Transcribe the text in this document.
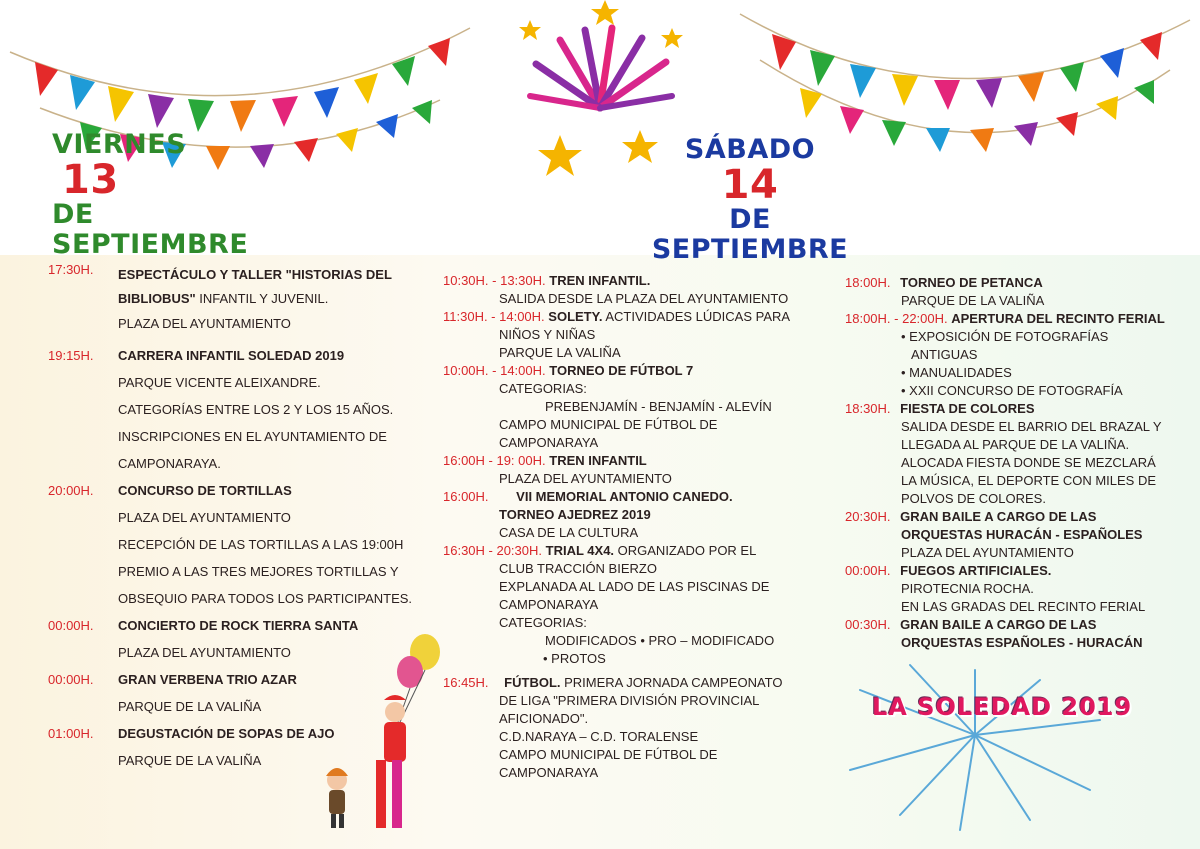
VIERNES
13
DE SEPTIEMBRE
SÁBADO
14
DE SEPTIEMBRE
17:30H. ESPECTÁCULO Y TALLER "HISTORIAS DEL
BIBLIOBUS" INFANTIL Y JUVENIL.
PLAZA DEL AYUNTAMIENTO
19:15H. CARRERA INFANTIL SOLEDAD 2019
PARQUE VICENTE ALEIXANDRE.
CATEGORÍAS ENTRE LOS 2 Y LOS 15 AÑOS.
INSCRIPCIONES EN EL AYUNTAMIENTO DE
CAMPONARAYA.
20:00H. CONCURSO DE TORTILLAS
PLAZA DEL AYUNTAMIENTO
RECEPCIÓN DE LAS TORTILLAS A LAS 19:00H
PREMIO A LAS TRES MEJORES TORTILLAS Y
OBSEQUIO PARA TODOS LOS PARTICIPANTES.
00:00H. CONCIERTO DE ROCK TIERRA SANTA
PLAZA DEL AYUNTAMIENTO
00:00H. GRAN VERBENA TRIO AZAR
PARQUE DE LA VALIÑA
01:00H. DEGUSTACIÓN DE SOPAS DE AJO
PARQUE DE LA VALIÑA
10:30H. - 13:30H. TREN INFANTIL.
SALIDA DESDE LA PLAZA DEL AYUNTAMIENTO
11:30H. - 14:00H. SOLETY. ACTIVIDADES LÚDICAS PARA
NIÑOS Y NIÑAS
PARQUE LA VALIÑA
10:00H. - 14:00H. TORNEO DE FÚTBOL 7
CATEGORIAS:
PREBENJAMÍN - BENJAMÍN - ALEVÍN
CAMPO MUNICIPAL DE FÚTBOL DE
CAMPONARAYA
16:00H - 19: 00H. TREN INFANTIL
PLAZA DEL AYUNTAMIENTO
16:00H. VII MEMORIAL ANTONIO CANEDO.
TORNEO AJEDREZ 2019
CASA DE LA CULTURA
16:30H - 20:30H. TRIAL 4X4. ORGANIZADO POR EL
CLUB TRACCIÓN BIERZO
EXPLANADA AL LADO DE LAS PISCINAS DE
CAMPONARAYA
CATEGORIAS:
MODIFICADOS • PRO – MODIFICADO
• PROTOS
16:45H. FÚTBOL. PRIMERA JORNADA CAMPEONATO
DE LIGA "PRIMERA DIVISIÓN PROVINCIAL
AFICIONADO".
C.D.NARAYA – C.D. TORALENSE
CAMPO MUNICIPAL DE FÚTBOL DE
CAMPONARAYA
18:00H. TORNEO DE PETANCA
PARQUE DE LA VALIÑA
18:00H. - 22:00H. APERTURA DEL RECINTO FERIAL
• EXPOSICIÓN DE FOTOGRAFÍAS
ANTIGUAS
• MANUALIDADES
• XXII CONCURSO DE FOTOGRAFÍA
18:30H. FIESTA DE COLORES
SALIDA DESDE EL BARRIO DEL BRAZAL Y
LLEGADA AL PARQUE DE LA VALIÑA.
ALOCADA FIESTA DONDE SE MEZCLARÁ
LA MÚSICA, EL DEPORTE CON MILES DE
POLVOS DE COLORES.
20:30H. GRAN BAILE A CARGO DE LAS
ORQUESTAS HURACÁN - ESPAÑOLES
PLAZA DEL AYUNTAMIENTO
00:00H. FUEGOS ARTIFICIALES.
PIROTECNIA ROCHA.
EN LAS GRADAS DEL RECINTO FERIAL
00:30H. GRAN BAILE A CARGO DE LAS
ORQUESTAS ESPAÑOLES - HURACÁN
LA SOLEDAD 2019
